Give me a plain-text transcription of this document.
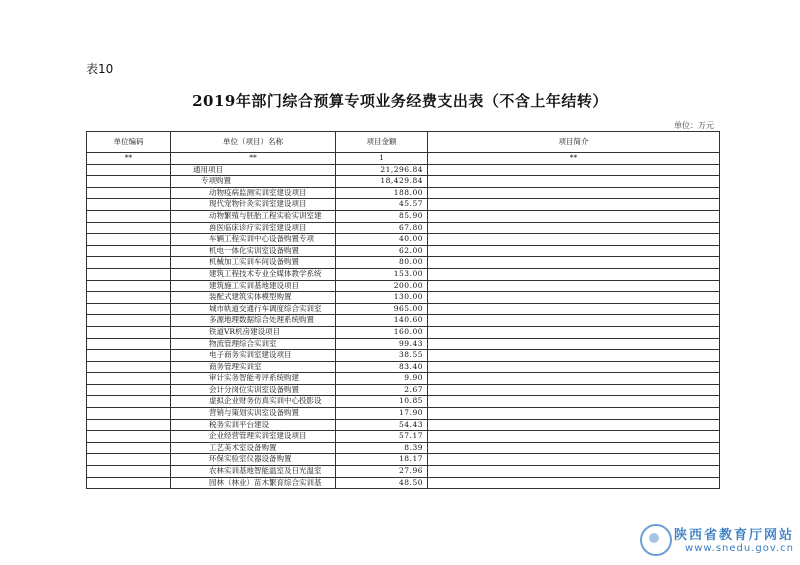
表10
2019年部门综合预算专项业务经费支出表（不含上年结转）
单位：万元
单位编码	单位（项目）名称	项目金额	项目简介
**	**	1	**
	通用项目	21,296.84	
	专项购置	18,429.84	
	动物疫病监测实训室建设项目	188.00	
	现代宠物针灸实训室建设项目	45.57	
	动物繁殖与胚胎工程实验实训室建	85.90	
	兽医临床诊疗实训室建设项目	67.80	
	车辆工程实训中心设备购置专项	40.00	
	机电一体化实训室设备购置	62.00	
	机械加工实训车间设备购置	80.00	
	建筑工程技术专业全媒体教学系统	153.00	
	建筑施工实训基地建设项目	200.00	
	装配式建筑实体模型购置	130.00	
	城市轨道交通行车调度综合实训室	965.00	
	多源地理数据综合处理系统购置	140.60	
	铁道VR机房建设项目	160.00	
	物流管理综合实训室	99.43	
	电子商务实训室建设项目	38.55	
	商务管理实训室	83.40	
	审计实务智能考评系统购建	9.90	
	会计分岗位实训室设备购置	2.67	
	虚拟企业财务仿真实训中心投影设	10.85	
	营销与策划实训室设备购置	17.90	
	税务实训平台建设	54.43	
	企业经营管理实训室建设项目	57.17	
	工艺美术室设备购置	8.39	
	环保实验室仪器设备购置	18.17	
	农林实训基地智能温室及日光温室	27.96	
	园林（林业）苗木繁育综合实训基	48.50	
陕西省教育厅网站
www.snedu.gov.cn
